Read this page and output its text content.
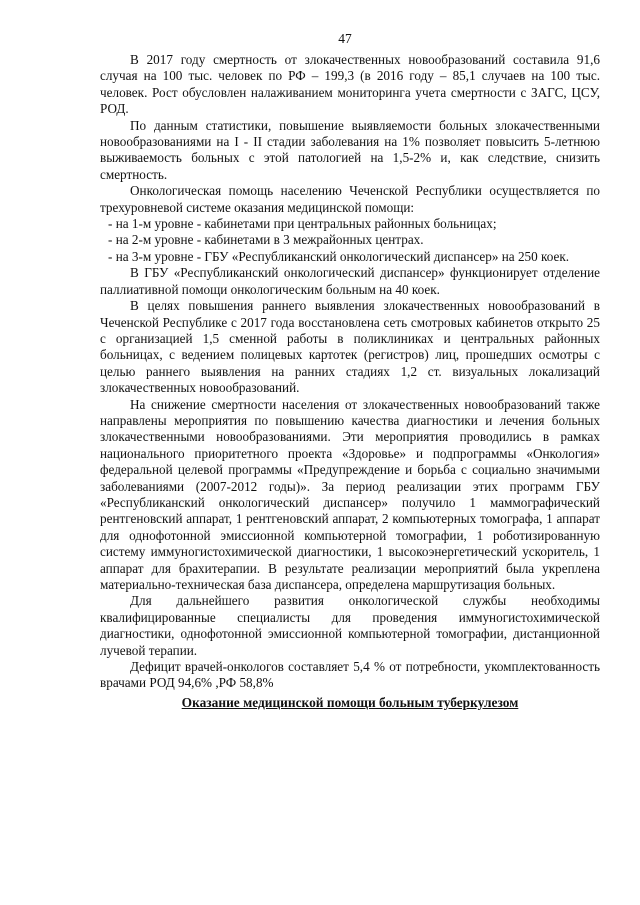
47

В 2017 году смертность от злокачественных новообразований составила 91,6 случая на 100 тыс. человек по РФ – 199,3 (в 2016 году – 85,1 случаев на 100 тыс. человек. Рост обусловлен налаживанием мониторинга учета смертности с ЗАГС, ЦСУ, РОД.

По данным статистики, повышение выявляемости больных злокачественными новообразованиями на I - II стадии заболевания на 1% позволяет повысить 5-летнюю выживаемость больных с этой патологией на 1,5-2% и, как следствие, снизить смертность.

Онкологическая помощь населению Чеченской Республики осуществляется по трехуровневой системе оказания медицинской помощи:

- на 1-м уровне - кабинетами при центральных районных больницах;

- на 2-м уровне - кабинетами в 3 межрайонных центрах.

- на 3-м уровне - ГБУ «Республиканский онкологический диспансер» на 250 коек.

В ГБУ «Республиканский онкологический диспансер» функционирует отделение паллиативной помощи онкологическим больным на 40 коек.

В целях повышения раннего выявления злокачественных новообразований в Чеченской Республике с 2017 года восстановлена сеть смотровых кабинетов открыто 25 с организацией 1,5 сменной работы в поликлиниках и центральных районных больницах, с ведением полицевых картотек (регистров) лиц, прошедших осмотры с целью раннего выявления на ранних стадиях 1,2 ст. визуальных локализаций злокачественных новообразований.

На снижение смертности населения от злокачественных новообразований также направлены мероприятия по повышению качества диагностики и лечения больных злокачественными новообразованиями. Эти мероприятия проводились в рамках национального приоритетного проекта «Здоровье» и подпрограммы «Онкология» федеральной целевой программы «Предупреждение и борьба с социально значимыми заболеваниями (2007-2012 годы)». За период реализации этих программ ГБУ «Республиканский онкологический диспансер» получило 1 маммографический рентгеновский аппарат, 1 рентгеновский аппарат, 2 компьютерных томографа, 1 аппарат для однофотонной эмиссионной компьютерной томографии, 1 роботизированную систему иммуногистохимической диагностики, 1 высокоэнергетический ускоритель, 1 аппарат для брахитерапии. В результате реализации мероприятий была укреплена материально-техническая база диспансера, определена маршрутизация больных.

Для дальнейшего развития онкологической службы необходимы квалифицированные специалисты для проведения иммуногистохимической диагностики, однофотонной эмиссионной компьютерной томографии, дистанционной лучевой терапии.

Дефицит врачей-онкологов составляет 5,4 % от потребности, укомплектованность врачами РОД 94,6% ,РФ 58,8%

Оказание медицинской помощи больным туберкулезом
